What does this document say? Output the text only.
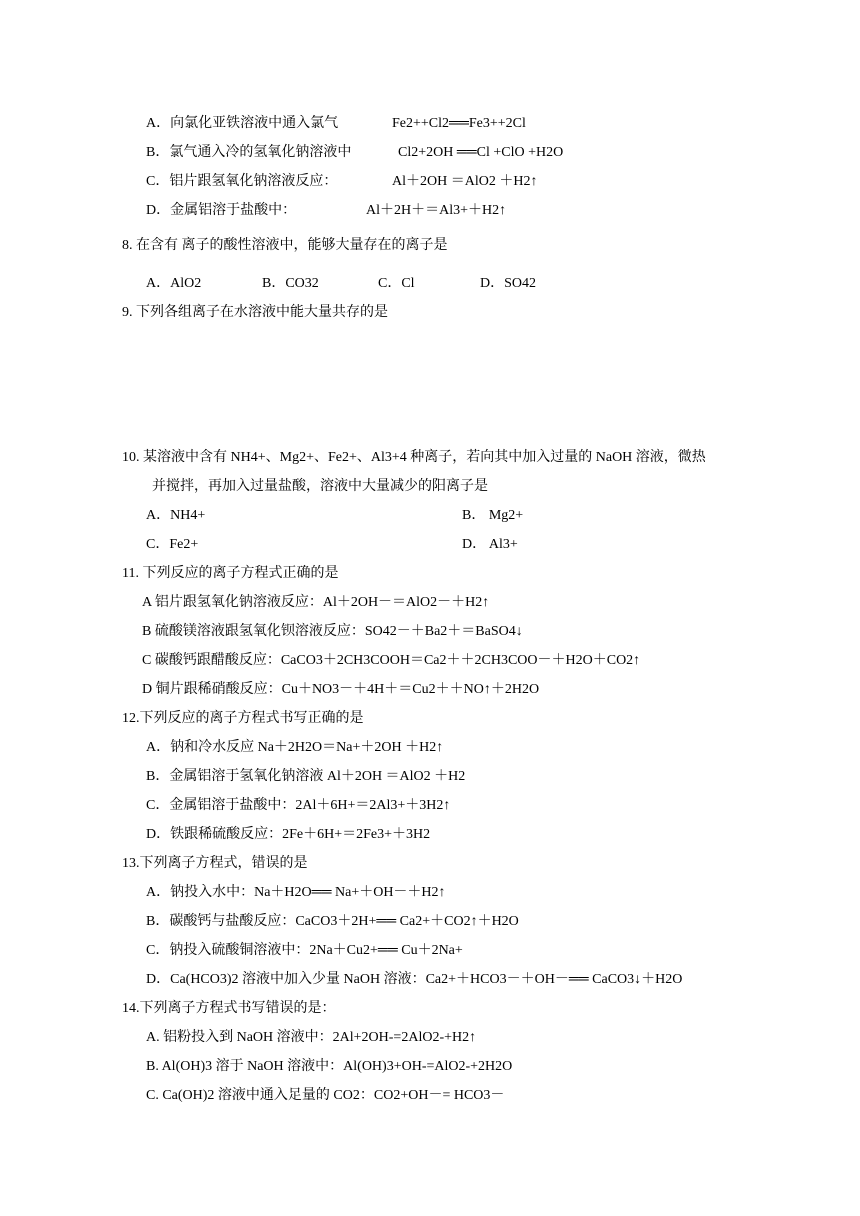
A．向氯化亚铁溶液中通入氯气	Fe2++Cl2══Fe3++2Cl
B．氯气通入冷的氢氧化钠溶液中	Cl2+2OH ══Cl +ClO +H2O
C．铝片跟氢氧化钠溶液反应：	Al＋2OH ＝AlO2 ＋H2↑
D．金属铝溶于盐酸中：	Al＋2H＋＝Al3+＋H2↑
8. 在含有 离子的酸性溶液中，能够大量存在的离子是
A．AlO2	B．CO32	C．Cl	D．SO42
9. 下列各组离子在水溶液中能大量共存的是
10. 某溶液中含有 NH4+、Mg2+、Fe2+、Al3+4 种离子，若向其中加入过量的 NaOH 溶液，微热
并搅拌，再加入过量盐酸，溶液中大量减少的阳离子是
A．NH4+	B． Mg2+
C．Fe2+	D． Al3+
11. 下列反应的离子方程式正确的是
A 铝片跟氢氧化钠溶液反应：Al＋2OH－＝AlO2－＋H2↑
B 硫酸镁溶液跟氢氧化钡溶液反应：SO42－＋Ba2＋＝BaSO4↓
C 碳酸钙跟醋酸反应：CaCO3＋2CH3COOH＝Ca2＋＋2CH3COO－＋H2O＋CO2↑
D 铜片跟稀硝酸反应：Cu＋NO3－＋4H＋＝Cu2＋＋NO↑＋2H2O
12.下列反应的离子方程式书写正确的是
A．钠和冷水反应 Na＋2H2O＝Na+＋2OH ＋H2↑
B．金属铝溶于氢氧化钠溶液 Al＋2OH ＝AlO2 ＋H2
C．金属铝溶于盐酸中：2Al＋6H+＝2Al3+＋3H2↑
D．铁跟稀硫酸反应：2Fe＋6H+＝2Fe3+＋3H2
13.下列离子方程式，错误的是
A．钠投入水中：Na＋H2O══ Na+＋OH－＋H2↑
B．碳酸钙与盐酸反应：CaCO3＋2H+══ Ca2+＋CO2↑＋H2O
C．钠投入硫酸铜溶液中：2Na＋Cu2+══ Cu＋2Na+
D．Ca(HCO3)2 溶液中加入少量 NaOH 溶液：Ca2+＋HCO3－＋OH－══ CaCO3↓＋H2O
14.下列离子方程式书写错误的是：
A. 铝粉投入到 NaOH 溶液中：2Al+2OH-=2AlO2-+H2↑
B. Al(OH)3 溶于 NaOH 溶液中：Al(OH)3+OH-=AlO2-+2H2O
C. Ca(OH)2 溶液中通入足量的 CO2：CO2+OH－= HCO3－
